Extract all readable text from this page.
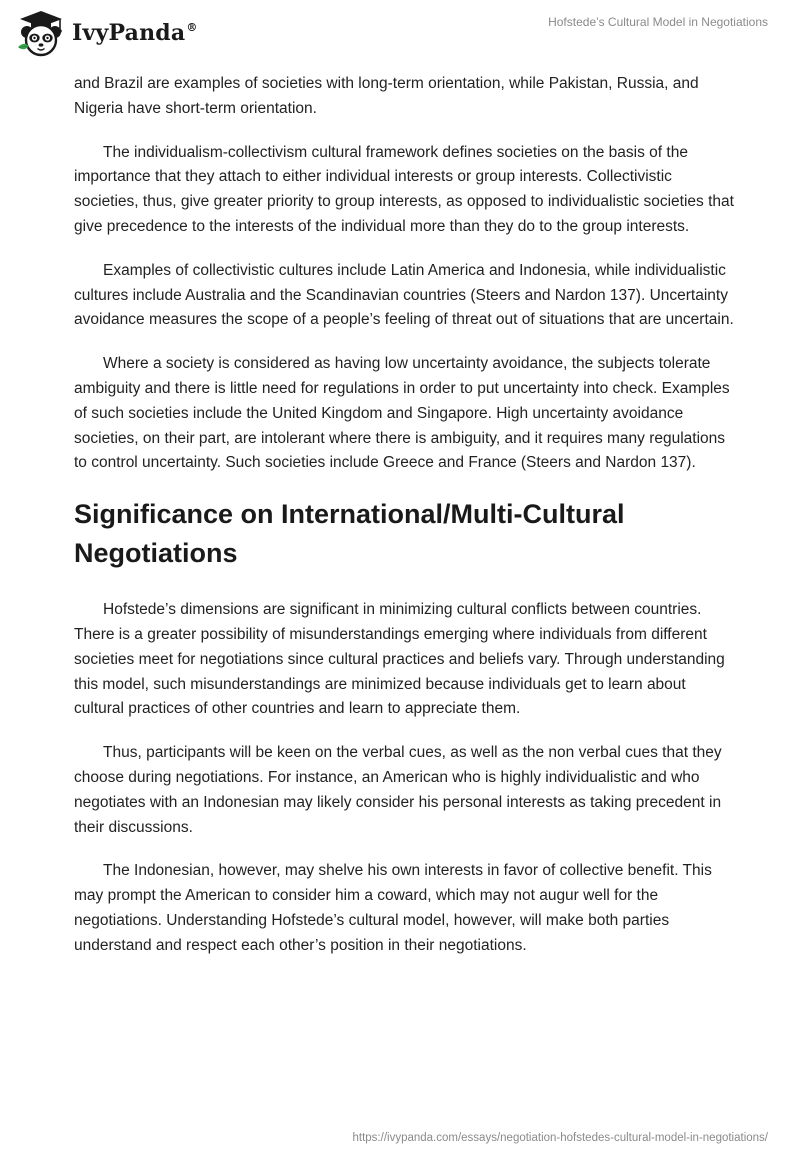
IvyPanda®	Hofstede’s Cultural Model in Negotiations

and Brazil are examples of societies with long-term orientation, while Pakistan, Russia, and Nigeria have short-term orientation.

The individualism-collectivism cultural framework defines societies on the basis of the importance that they attach to either individual interests or group interests. Collectivistic societies, thus, give greater priority to group interests, as opposed to individualistic societies that give precedence to the interests of the individual more than they do to the group interests.

Examples of collectivistic cultures include Latin America and Indonesia, while individualistic cultures include Australia and the Scandinavian countries (Steers and Nardon 137). Uncertainty avoidance measures the scope of a people’s feeling of threat out of situations that are uncertain.

Where a society is considered as having low uncertainty avoidance, the subjects tolerate ambiguity and there is little need for regulations in order to put uncertainty into check. Examples of such societies include the United Kingdom and Singapore. High uncertainty avoidance societies, on their part, are intolerant where there is ambiguity, and it requires many regulations to control uncertainty. Such societies include Greece and France (Steers and Nardon 137).

Significance on International/Multi-Cultural Negotiations

Hofstede’s dimensions are significant in minimizing cultural conflicts between countries. There is a greater possibility of misunderstandings emerging where individuals from different societies meet for negotiations since cultural practices and beliefs vary. Through understanding this model, such misunderstandings are minimized because individuals get to learn about cultural practices of other countries and learn to appreciate them.

Thus, participants will be keen on the verbal cues, as well as the non verbal cues that they choose during negotiations. For instance, an American who is highly individualistic and who negotiates with an Indonesian may likely consider his personal interests as taking precedent in their discussions.

The Indonesian, however, may shelve his own interests in favor of collective benefit. This may prompt the American to consider him a coward, which may not augur well for the negotiations. Understanding Hofstede’s cultural model, however, will make both parties understand and respect each other’s position in their negotiations.

https://ivypanda.com/essays/negotiation-hofstedes-cultural-model-in-negotiations/
